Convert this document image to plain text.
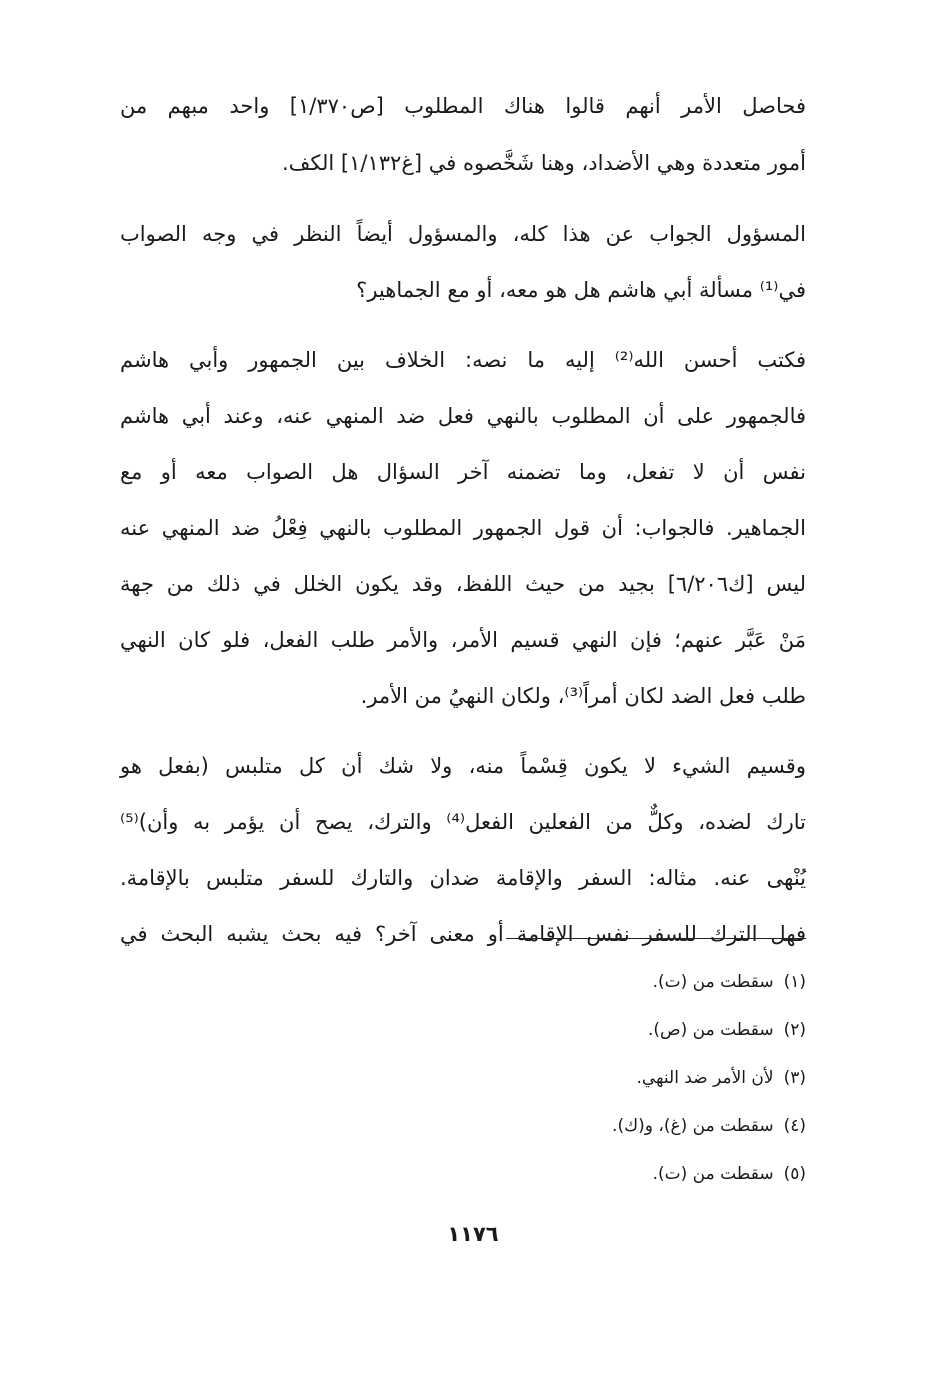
فحاصل الأمر أنهم قالوا هناك المطلوب [ص١/٣٧٠] واحد مبهم من
أمور متعددة وهي الأضداد، وهنا شَخَّصوه في [غ١/١٣٢] الكف.
المسؤول الجواب عن هذا كله، والمسؤول أيضاً النظر في وجه الصواب
في⁽¹⁾ مسألة أبي هاشم هل هو معه، أو مع الجماهير؟
فكتب أحسن الله⁽²⁾ إليه ما نصه: الخلاف بين الجمهور وأبي هاشم
فالجمهور على أن المطلوب بالنهي فعل ضد المنهي عنه، وعند أبي هاشم
نفس أن لا تفعل، وما تضمنه آخر السؤال هل الصواب معه أو مع
الجماهير. فالجواب: أن قول الجمهور المطلوب بالنهي فِعْلُ ضد المنهي عنه
ليس [ك٦/٢٠٦] بجيد من حيث اللفظ، وقد يكون الخلل في ذلك من جهة
مَنْ عَبَّر عنهم؛ فإن النهي قسيم الأمر، والأمر طلب الفعل، فلو كان النهي
طلب فعل الضد لكان أمراً⁽³⁾، ولكان النهيُ من الأمر.
وقسيم الشيء لا يكون قِسْماً منه، ولا شك أن كل متلبس (بفعل هو
تارك لضده، وكلٌّ من الفعلين الفعل⁽⁴⁾ والترك، يصح أن يؤمر به وأن)⁽⁵⁾
يُنْهى عنه. مثاله: السفر والإقامة ضدان والتارك للسفر متلبس بالإقامة.
فهل الترك للسفر نفس الإقامة أو معنى آخر؟ فيه بحث يشبه البحث في
(١)سقطت من (ت).
(٢)سقطت من (ص).
(٣)لأن الأمر ضد النهي.
(٤)سقطت من (غ)، و(ك).
(٥)سقطت من (ت).
١١٧٦
